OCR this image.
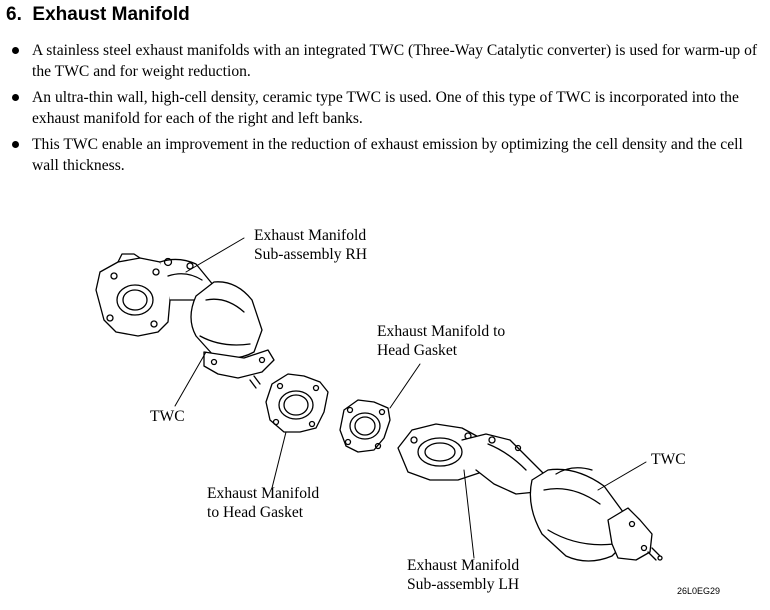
6. Exhaust Manifold
A stainless steel exhaust manifolds with an integrated TWC (Three-Way Catalytic converter) is used for warm-up of the TWC and for weight reduction.
An ultra-thin wall, high-cell density, ceramic type TWC is used. One of this type of TWC is incorporated into the exhaust manifold for each of the right and left banks.
This TWC enable an improvement in the reduction of exhaust emission by optimizing the cell density and the cell wall thickness.
Exhaust Manifold
Sub-assembly RH
Exhaust Manifold to
Head Gasket
TWC
Exhaust Manifold
to Head Gasket
TWC
Exhaust Manifold
Sub-assembly LH	26L0EG29
